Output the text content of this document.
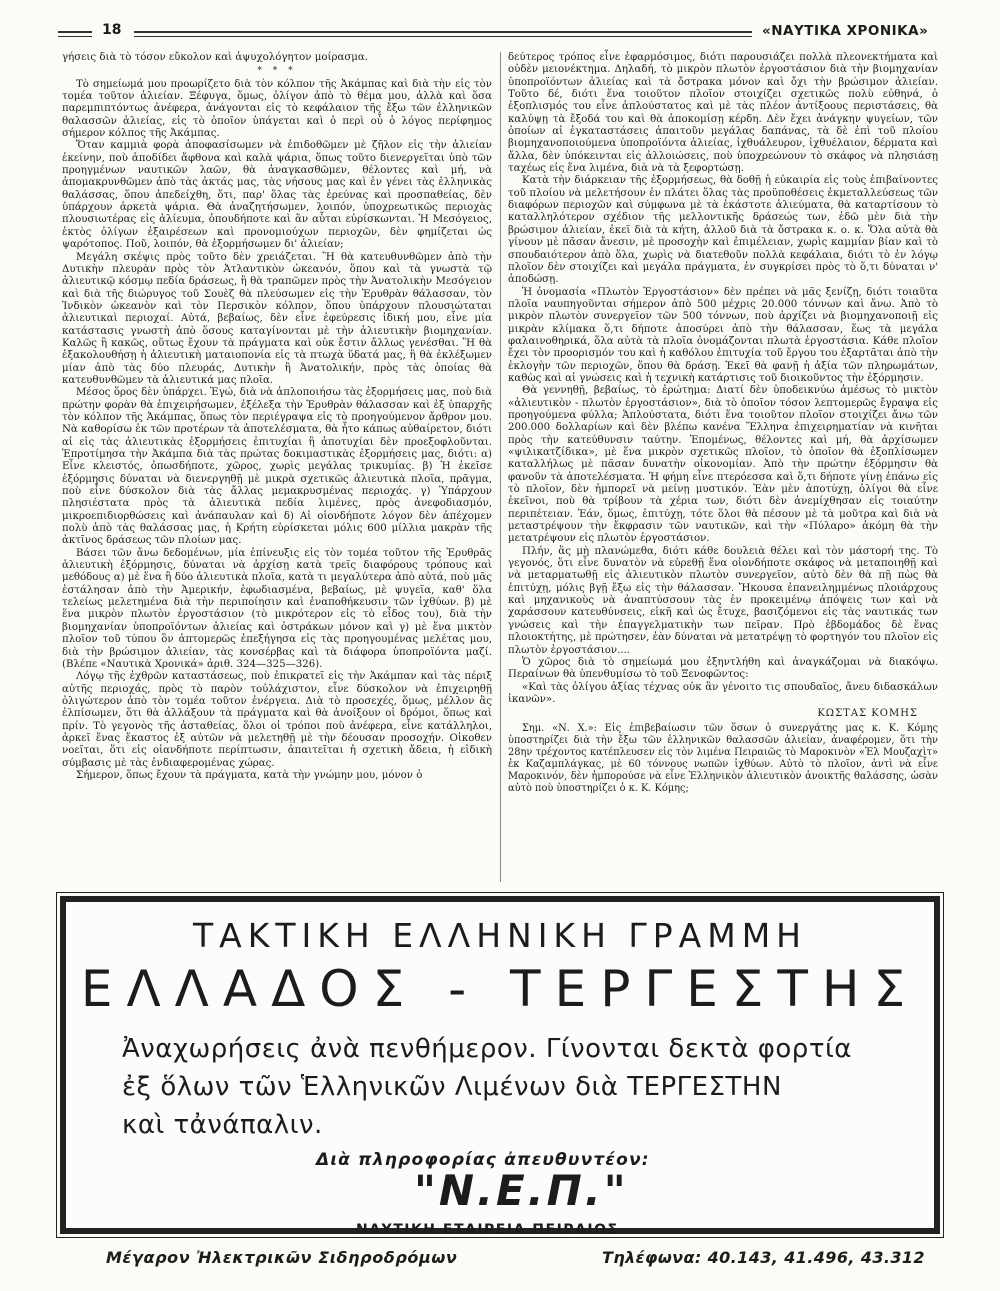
18	«ΝΑΥΤΙΚΑ ΧΡΟΝΙΚΑ»

γήσεις διὰ τὸ τόσον εὔκολον καὶ ἀψυχολόγητον μοίρασμα.

* * *

Τὸ σημείωμά μου προωρίζετο διὰ τὸν κόλπον τῆς Ἀκάμπας καὶ διὰ τὴν εἰς τὸν τομέα τοῦτον ἁλιείαν. Ξέφυγα, ὅμως, ὀλίγον ἀπὸ τὸ θέμα μου, ἀλλὰ καὶ ὅσα παρεμπιπτόντως ἀνέφερα, ἀνάγονται εἰς τὸ κεφάλαιον τῆς ἔξω τῶν ἑλληνικῶν θαλασσῶν ἁλιείας, εἰς τὸ ὁποῖον ὑπάγεται καὶ ὁ περὶ οὗ ὁ λόγος περίφημος σήμερον κόλπος τῆς Ἀκάμπας.

Ὅταν καμμιὰ φορὰ ἀποφασίσωμεν νὰ ἐπιδοθῶμεν μὲ ζῆλον εἰς τὴν ἁλιείαν ἐκείνην, ποὺ ἀποδίδει ἄφθονα καὶ καλὰ ψάρια, ὅπως τοῦτο διενεργεῖται ὑπὸ τῶν προηγμένων ναυτικῶν λαῶν, θὰ ἀναγκασθῶμεν, θέλοντες καὶ μή, νὰ ἀπομακρυνθῶμεν ἀπὸ τὰς ἀκτάς μας, τὰς νήσους μας καὶ ἐν γένει τὰς ἑλληνικὰς θαλάσσας, ὅπου ἀπεδείχθη, ὅτι, παρ' ὅλας τὰς ἐρεύνας καὶ προσπαθείας, δὲν ὑπάρχουν ἀρκετὰ ψάρια. Θὰ ἀναζητήσωμεν, λοιπόν, ὑποχρεωτικῶς περιοχὰς πλουσιωτέρας εἰς ἁλίευμα, ὁπουδήποτε καὶ ἂν αὗται εὑρίσκωνται. Ἡ Μεσόγειος, ἐκτὸς ὀλίγων ἐξαιρέσεων καὶ προνομιούχων περιοχῶν, δὲν φημίζεται ὡς ψαρότοπος. Ποῦ, λοιπόν, θὰ ἐξορμήσωμεν δι' ἁλιείαν;

Μεγάλη σκέψις πρὸς τοῦτο δὲν χρειάζεται. Ἢ θὰ κατευθυνθῶμεν ἀπὸ τὴν Δυτικὴν πλευρὰν πρὸς τὸν Ἀτλαντικὸν ὠκεανόν, ὅπου καὶ τὰ γνωστὰ τῷ ἁλιευτικῷ κόσμῳ πεδία δράσεως, ἢ θὰ τραπῶμεν πρὸς τὴν Ἀνατολικὴν Μεσόγειον καὶ διὰ τῆς διώρυγος τοῦ Σουὲζ θὰ πλεύσωμεν εἰς τὴν Ἐρυθρὰν θάλασσαν, τὸν Ἰνδικὸν ὠκεανὸν καὶ τὸν Περσικὸν κόλπον, ὅπου ὑπάρχουν πλουσιώταται ἁλιευτικαὶ περιοχαί. Αὐτά, βεβαίως, δὲν εἶνε ἐφεύρεσις ἰδική μου, εἶνε μία κατάστασις γνωστὴ ἀπὸ ὅσους καταγίνονται μὲ τὴν ἁλιευτικὴν βιομηχανίαν. Καλῶς ἢ κακῶς, οὕτως ἔχουν τὰ πράγματα καὶ οὐκ ἔστιν ἄλλως γενέσθαι. Ἢ θὰ ἐξακολουθήσῃ ἡ ἁλιευτικὴ ματαιοπονία εἰς τὰ πτωχὰ ὕδατά μας, ἢ θὰ ἐκλέξωμεν μίαν ἀπὸ τὰς δύο πλευράς, Δυτικὴν ἢ Ἀνατολικήν, πρὸς τὰς ὁποίας θὰ κατευθυνθῶμεν τὰ ἁλιευτικά μας πλοῖα.

Μέσος ὅρος δὲν ὑπάρχει. Ἐγώ, διὰ νὰ ἀπλοποιήσω τὰς ἐξορμήσεις μας, ποὺ διὰ πρώτην φορὰν θὰ ἐπιχειρήσωμεν, ἐξέλεξα τὴν Ἐρυθρὰν θάλασσαν καὶ ἐξ ὑπαρχῆς τὸν κόλπον τῆς Ἀκάμπας, ὅπως τὸν περιέγραψα εἰς τὸ προηγούμενον ἄρθρον μου. Νὰ καθορίσω ἐκ τῶν προτέρων τὰ ἀποτελέσματα, θὰ ἦτο κάπως αὐθαίρετον, διότι αἱ εἰς τὰς ἁλιευτικὰς ἐξορμήσεις ἐπιτυχίαι ἢ ἀποτυχίαι δὲν προεξοφλοῦνται. Ἐπροτίμησα τὴν Ἀκάμπα διὰ τὰς πρώτας δοκιμαστικὰς ἐξορμήσεις μας, διότι: α) Εἶνε κλειστός, ὁπωσδήποτε, χῶρος, χωρὶς μεγάλας τρικυμίας. β) Ἡ ἐκεῖσε ἐξόρμησις δύναται νὰ διενεργηθῇ μὲ μικρὰ σχετικῶς ἁλιευτικὰ πλοῖα, πρᾶγμα, ποὺ εἶνε δύσκολον διὰ τὰς ἄλλας μεμακρυσμένας περιοχάς. γ) Ὑπάρχουν πλησιέστατα πρὸς τὰ ἁλιευτικὰ πεδία λιμένες, πρὸς ἀνεφοδιασμόν, μικροεπιδιορθώσεις καὶ ἀνάπαυλαν καὶ δ) Αἱ οἱονδήποτε λόγον δὲν ἀπέχομεν πολὺ ἀπὸ τὰς θαλάσσας μας, ἡ Κρήτη εὑρίσκεται μόλις 600 μίλλια μακρὰν τῆς ἀκτῖνος δράσεως τῶν πλοίων μας.

Βάσει τῶν ἄνω δεδομένων, μία ἐπίνευξις εἰς τὸν τομέα τοῦτον τῆς Ἐρυθρᾶς ἁλιευτικὴ ἐξόρμησις, δύναται νὰ ἀρχίσῃ κατὰ τρεῖς διαφόρους τρόπους καὶ μεθόδους α) μὲ ἕνα ἢ δύο ἁλιευτικὰ πλοῖα, κατὰ τι μεγαλύτερα ἀπὸ αὐτά, ποὺ μᾶς ἐστάλησαν ἀπὸ τὴν Ἀμερικήν, ἐφωδιασμένα, βεβαίως, μὲ ψυγεῖα, καθ' ὅλα τελείως μελετημένα διὰ τὴν περιποίησιν καὶ ἐναποθήκευσιν τῶν ἰχθύων. β) μὲ ἕνα μικρὸν πλωτὸν ἐργοστάσιον (τὸ μικρότερον εἰς τὸ εἶδος του), διὰ τὴν βιομηχανίαν ὑποπροϊόντων ἁλιείας καὶ ὀστράκων μόνον καὶ γ) μὲ ἕνα μικτὸν πλοῖον τοῦ τύπου ὃν ἀπτομερῶς ἐπεξήγησα εἰς τὰς προηγουμένας μελέτας μου, διὰ τὴν βρώσιμον ἁλιείαν, τὰς κονσέρβας καὶ τὰ διάφορα ὑποπροϊόντα μαζί. (Βλέπε «Ναυτικὰ Χρονικά» ἀριθ. 324—325—326).

Λόγῳ τῆς ἐχθρῶν καταστάσεως, ποὺ ἐπικρατεῖ εἰς τὴν Ἀκάμπαν καὶ τὰς πέριξ αὐτῆς περιοχάς, πρὸς τὸ παρὸν τοὐλάχιστον, εἶνε δύσκολον νὰ ἐπιχειρηθῇ ὀλιγώτερον ἀπὸ τὸν τομέα τοῦτον ἐνέργεια. Διὰ τὸ προσεχές, ὅμως, μέλλον ἂς ἐλπίσωμεν, ὅτι θὰ ἀλλάξουν τὰ πράγματα καὶ θὰ ἀνοίξουν οἱ δρόμοι, ὅπως καὶ πρίν. Τὸ γεγονὸς τῆς ἀσταθείας, ὅλοι οἱ τρόποι ποὺ ἀνέφερα, εἶνε κατάλληλοι, ἀρκεῖ ἕνας ἕκαστος ἐξ αὐτῶν νὰ μελετηθῇ μὲ τὴν δέουσαν προσοχήν. Οἰκοθεν νοεῖται, ὅτι εἰς οἱανδήποτε περίπτωσιν, ἀπαιτεῖται ἡ σχετικὴ ἄδεια, ἡ εἰδικὴ σύμβασις μὲ τὰς ἐνδιαφερομένας χώρας.

Σήμερον, ὅπως ἔχουν τὰ πράγματα, κατὰ τὴν γνώμην μου, μόνον ὁ

δεύτερος τρόπος εἶνε ἐφαρμόσιμος, διότι παρουσιάζει πολλὰ πλεονεκτήματα καὶ οὐδὲν μειονέκτημα. Δηλαδή, τὸ μικρὸν πλωτὸν ἐργοστάσιον διὰ τὴν βιομηχανίαν ὑποπροϊόντων ἁλιείας καὶ τὰ ὄστρακα μόνον καὶ ὄχι τὴν βρώσιμον ἁλιείαν. Τοῦτο δέ, διότι ἕνα τοιοῦτον πλοῖον στοιχίζει σχετικῶς πολὺ εὐθηνά, ὁ ἐξοπλισμός του εἶνε ἁπλούστατος καὶ μὲ τὰς πλέον ἀντίξοους περιστάσεις, θὰ καλύψῃ τὰ ἔξοδά του καὶ θὰ ἀποκομίσῃ κέρδη. Δὲν ἔχει ἀνάγκην ψυγείων, τῶν ὁποίων αἱ ἐγκαταστάσεις ἀπαιτοῦν μεγάλας δαπάνας, τὰ δὲ ἐπὶ τοῦ πλοίου βιομηχανοποιούμενα ὑποπροϊόντα ἁλιείας, ἰχθυάλευρον, ἰχθυέλαιον, δέρματα καὶ ἄλλα, δὲν ὑπόκεινται εἰς ἀλλοιώσεις, ποὺ ὑποχρεώνουν τὸ σκάφος νὰ πλησιάσῃ ταχέως εἰς ἕνα λιμένα, διὰ νὰ τὰ ξεφορτώσῃ.

Κατὰ τὴν διάρκειαν τῆς ἐξορμήσεως, θὰ δοθῇ ἡ εὐκαιρία εἰς τοὺς ἐπιβαίνοντες τοῦ πλοίου νὰ μελετήσουν ἐν πλάτει ὅλας τὰς προϋποθέσεις ἐκμεταλλεύσεως τῶν διαφόρων περιοχῶν καὶ σύμφωνα μὲ τὰ ἑκάστοτε ἁλιεύματα, θὰ καταρτίσουν τὸ καταλληλότερον σχέδιον τῆς μελλοντικῆς δράσεώς των, ἐδῶ μὲν διὰ τὴν βρώσιμον ἁλιείαν, ἐκεῖ διὰ τὰ κήτη, ἀλλοῦ διὰ τὰ ὄστρακα κ. ο. κ. Ὅλα αὐτὰ θὰ γίνουν μὲ πᾶσαν ἄνεσιν, μὲ προσοχὴν καὶ ἐπιμέλειαν, χωρὶς καμμίαν βίαν καὶ τὸ σπουδαιότερον ἀπὸ ὅλα, χωρὶς νὰ διατεθοῦν πολλὰ κεφάλαια, διότι τὸ ἐν λόγῳ πλοῖον δὲν στοιχίζει καὶ μεγάλα πράγματα, ἐν συγκρίσει πρὸς τὸ ὅ,τι δύναται ν' ἀποδώσῃ.

Ἡ ὀνομασία «Πλωτὸν Ἐργοστάσιον» δὲν πρέπει νὰ μᾶς ξενίζῃ, διότι τοιαῦτα πλοῖα ναυπηγοῦνται σήμερον ἀπὸ 500 μέχρις 20.000 τόννων καὶ ἄνω. Ἀπὸ τὸ μικρὸν πλωτὸν συνεργεῖον τῶν 500 τόννων, ποὺ ἀρχίζει νὰ βιομηχανοποιῇ εἰς μικρὰν κλίμακα ὅ,τι δήποτε ἀποσύρει ἀπὸ τὴν θάλασσαν, ἕως τὰ μεγάλα φαλαινοθηρικά, ὅλα αὐτὰ τὰ πλοῖα ὀνομάζονται πλωτὰ ἐργοστάσια. Κάθε πλοῖον ἔχει τὸν προορισμόν του καὶ ἡ καθόλου ἐπιτυχία τοῦ ἔργου του ἐξαρτᾶται ἀπὸ τὴν ἐκλογὴν τῶν περιοχῶν, ὅπου θὰ δράσῃ. Ἐκεῖ θὰ φανῇ ἡ ἀξία τῶν πληρωμάτων, καθὼς καὶ αἱ γνώσεις καὶ ἡ τεχνικὴ κατάρτισις τοῦ διοικοῦντος τὴν ἐξόρμησιν.

Θὰ γεννηθῇ, βεβαίως, τὸ ἐρώτημα: Διατί δὲν ὑποδεικνύω ἀμέσως τὸ μικτὸν «ἁλιευτικὸν - πλωτὸν ἐργοστάσιον», διὰ τὸ ὁποῖον τόσον λεπτομερῶς ἔγραψα εἰς προηγούμενα φύλλα; Ἁπλούστατα, διότι ἕνα τοιοῦτον πλοῖον στοιχίζει ἄνω τῶν 200.000 δολλαρίων καὶ δὲν βλέπω κανένα Ἕλληνα ἐπιχειρηματίαν νὰ κινῆται πρὸς τὴν κατεύθυνσιν ταύτην. Ἐπομένως, θέλοντες καὶ μή, θὰ ἀρχίσωμεν «ψιλικατζίδικα», μὲ ἕνα μικρὸν σχετικῶς πλοῖον, τὸ ὁποῖον θὰ ἐξοπλίσωμεν καταλλήλως μὲ πᾶσαν δυνατὴν οἰκονομίαν. Ἀπὸ τὴν πρώτην ἐξόρμησιν θὰ φανοῦν τὰ ἀποτελέσματα. Ἡ φήμη εἶνε πτερόεσσα καὶ ὅ,τι δήποτε γίνῃ ἐπάνω εἰς τὸ πλοῖον, δὲν ἠμπορεῖ νὰ μείνῃ μυστικόν. Ἐὰν μὲν ἀποτύχῃ, ὀλίγοι θὰ εἶνε ἐκεῖνοι, ποὺ θὰ τρίβουν τὰ χέρια των, διότι δὲν ἀνεμίχθησαν εἰς τοιαύτην περιπέτειαν. Ἐάν, ὅμως, ἐπιτύχῃ, τότε ὅλοι θὰ πέσουν μὲ τὰ μοῦτρα καὶ διὰ νὰ μεταστρέψουν τὴν ἔκφρασιν τῶν ναυτικῶν, καὶ τὴν «Πύλαρο» ἀκόμη θὰ τὴν μετατρέψουν εἰς πλωτὸν ἐργοστάσιον.

Πλήν, ἂς μὴ πλανώμεθα, διότι κάθε δουλειὰ θέλει καὶ τὸν μάστορή της. Τὸ γεγονός, ὅτι εἶνε δυνατὸν νὰ εὑρεθῇ ἕνα οἱονδήποτε σκάφος νὰ μεταποιηθῇ καὶ νὰ μεταρματωθῇ εἰς ἁλιευτικὸν πλωτὸν συνεργεῖον, αὐτὸ δὲν θὰ πῇ πὼς θὰ ἐπιτύχῃ, μόλις βγῇ ἔξω εἰς τὴν θάλασσαν. Ἤκουσα ἐπανειλημμένως πλοιάρχους καὶ μηχανικοὺς νὰ ἀναπτύσσουν τὰς ἐν προκειμένῳ ἀπόψεις των καὶ νὰ χαράσσουν κατευθύνσεις, εἰκῆ καὶ ὡς ἔτυχε, βασιζόμενοι εἰς τὰς ναυτικάς των γνώσεις καὶ τὴν ἐπαγγελματικὴν των πεῖραν. Πρὸ ἑβδομάδος δὲ ἕνας πλοιοκτήτης, μὲ πρώτησεν, ἐὰν δύναται νὰ μετατρέψῃ τὸ φορτηγόν του πλοῖον εἰς πλωτὸν ἐργοστάσιον....

Ὁ χῶρος διὰ τὸ σημείωμά μου ἐξηντλήθη καὶ ἀναγκάζομαι νὰ διακόψω. Περαίνων θὰ ὑπενθυμίσω τὸ τοῦ Ξενοφῶντος:

«Καὶ τὰς ὀλίγου ἀξίας τέχνας οὐκ ἂν γένοιτο τις σπουδαῖος, ἄνευ διδασκάλων ἱκανῶν».

ΚΩΣΤΑΣ ΚΟΜΗΣ

Σημ. «Ν. Χ.»: Εἰς ἐπιβεβαίωσιν τῶν ὅσων ὁ συνεργάτης μας κ. Κ. Κόμης ὑποστηρίζει διὰ τὴν ἔξω τῶν ἑλληνικῶν θαλασσῶν ἁλιείαν, ἀναφέρομεν, ὅτι τὴν 28ην τρέχοντος κατέπλευσεν εἰς τὸν λιμένα Πειραιῶς τὸ Μαροκινὸν «Ἐλ Μουζαχὶτ» ἐκ Καζαμπλάγκας, μὲ 60 τόννους νωπῶν ἰχθύων. Αὐτὸ τὸ πλοῖον, ἀντὶ νὰ εἶνε Μαροκινόν, δὲν ἠμπορούσε νὰ εἶνε Ἑλληνικὸν ἁλιευτικὸν ἀνοικτῆς θαλάσσης, ὡσὰν αὐτὸ ποὺ ὑποστηρίζει ὁ κ. Κ. Κόμης;

ΤΑΚΤΙΚΗ ΕΛΛΗΝΙΚΗ ΓΡΑΜΜΗ
ΕΛΛΑΔΟΣ - ΤΕΡΓΕΣΤΗΣ
Ἀναχωρήσεις ἀνὰ πενθήμερον. Γίνονται δεκτὰ φορτία
ἐξ ὅλων τῶν Ἑλληνικῶν Λιμένων διὰ ΤΕΡΓΕΣΤΗΝ
καὶ τἀνάπαλιν.
Διὰ πληροφορίας ἀπευθυντέον:
"Ν.Ε.Π."
ΝΑΥΤΙΚΗ ΕΤΑΙΡΕΙΑ ΠΕΙΡΑΙΩΣ
Μέγαρον Ἠλεκτρικῶν Σιδηροδρόμων	Τηλέφωνα: 40.143, 41.496, 43.312
